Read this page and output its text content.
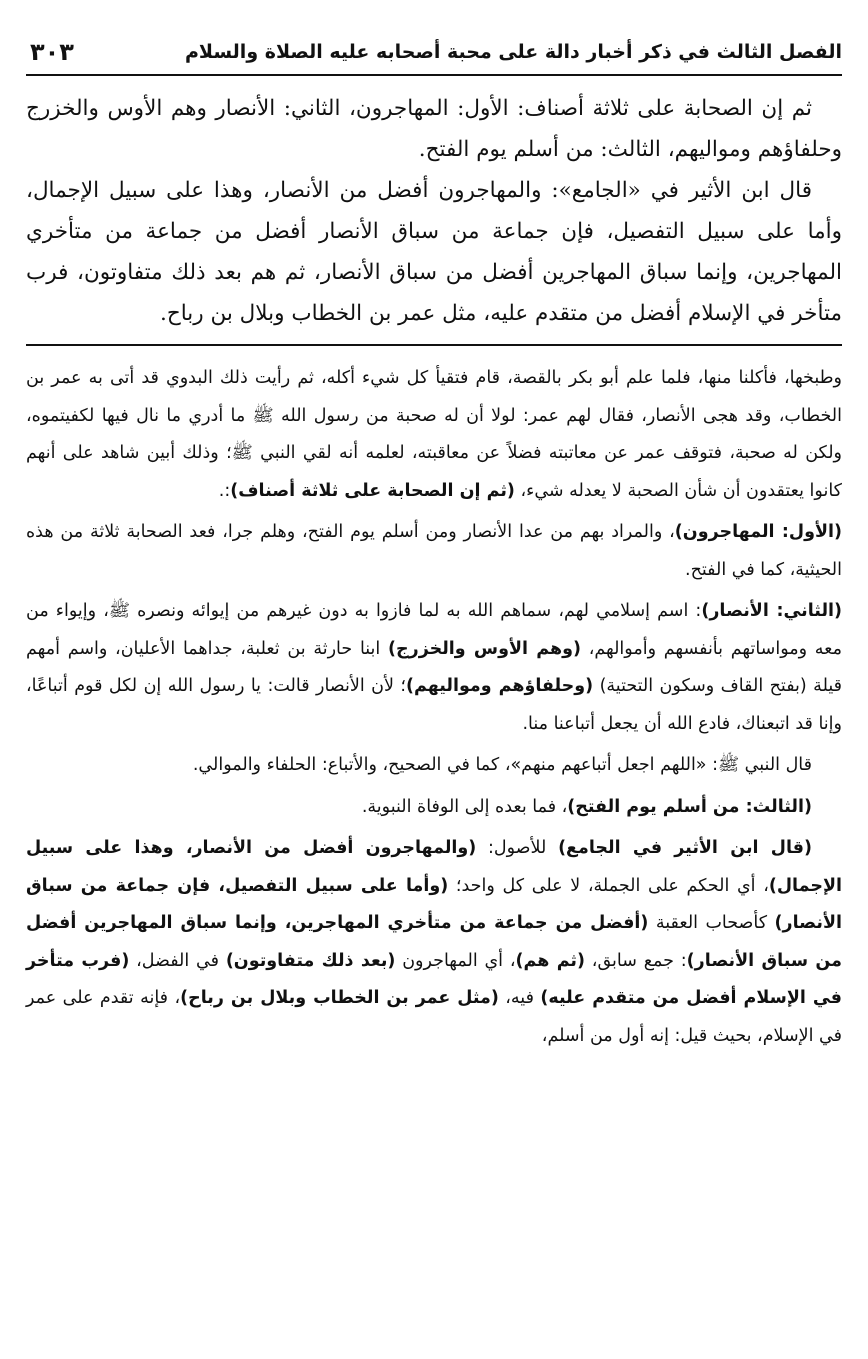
الفصل الثالث في ذكر أخبار دالة على محبة أصحابه عليه الصلاة والسلام
٣٠٣

ثم إن الصحابة على ثلاثة أصناف: الأول: المهاجرون، الثاني: الأنصار وهم الأوس والخزرج وحلفاؤهم ومواليهم، الثالث: من أسلم يوم الفتح.

قال ابن الأثير في «الجامع»: والمهاجرون أفضل من الأنصار، وهذا على سبيل الإجمال، وأما على سبيل التفصيل، فإن جماعة من سباق الأنصار أفضل من جماعة من متأخري المهاجرين، وإنما سباق المهاجرين أفضل من سباق الأنصار، ثم هم بعد ذلك متفاوتون، فرب متأخر في الإسلام أفضل من متقدم عليه، مثل عمر بن الخطاب وبلال بن رباح.

وطبخها، فأكلنا منها، فلما علم أبو بكر بالقصة، قام فتقيأ كل شيء أكله، ثم رأيت ذلك البدوي قد أتى به عمر بن الخطاب، وقد هجى الأنصار، فقال لهم عمر: لولا أن له صحبة من رسول الله ﷺ ما أدري ما نال فيها لكفيتموه، ولكن له صحبة، فتوقف عمر عن معاتبته فضلاً عن معاقبته، لعلمه أنه لقي النبي ﷺ؛ وذلك أبين شاهد على أنهم كانوا يعتقدون أن شأن الصحبة لا يعدله شيء، (ثم إن الصحابة على ثلاثة أصناف):.

(الأول: المهاجرون)، والمراد بهم من عدا الأنصار ومن أسلم يوم الفتح، وهلم جرا، فعد الصحابة ثلاثة من هذه الحيثية، كما في الفتح.

(الثاني: الأنصار): اسم إسلامي لهم، سماهم الله به لما فازوا به دون غيرهم من إيوائه ونصره ﷺ، وإيواء من معه ومواساتهم بأنفسهم وأموالهم، (وهم الأوس والخزرج) ابنا حارثة بن ثعلبة، جداهما الأعليان، واسم أمهم قيلة (بفتح القاف وسكون التحتية) (وحلفاؤهم ومواليهم)؛ لأن الأنصار قالت: يا رسول الله إن لكل قوم أتباعًا، وإنا قد اتبعناك، فادع الله أن يجعل أتباعنا منا.

قال النبي ﷺ: «اللهم اجعل أتباعهم منهم»، كما في الصحيح، والأتباع: الحلفاء والموالي.

(الثالث: من أسلم يوم الفتح)، فما بعده إلى الوفاة النبوية.

(قال ابن الأثير في الجامع) للأصول: (والمهاجرون أفضل من الأنصار، وهذا على سبيل الإجمال)، أي الحكم على الجملة، لا على كل واحد؛ (وأما على سبيل التفصيل، فإن جماعة من سباق الأنصار) كأصحاب العقبة (أفضل من جماعة من متأخري المهاجرين، وإنما سباق المهاجرين أفضل من سباق الأنصار): جمع سابق، (ثم هم)، أي المهاجرون (بعد ذلك متفاوتون) في الفضل، (فرب متأخر في الإسلام أفضل من متقدم عليه) فيه، (مثل عمر بن الخطاب وبلال بن رباح)، فإنه تقدم على عمر في الإسلام، بحيث قيل: إنه أول من أسلم،
